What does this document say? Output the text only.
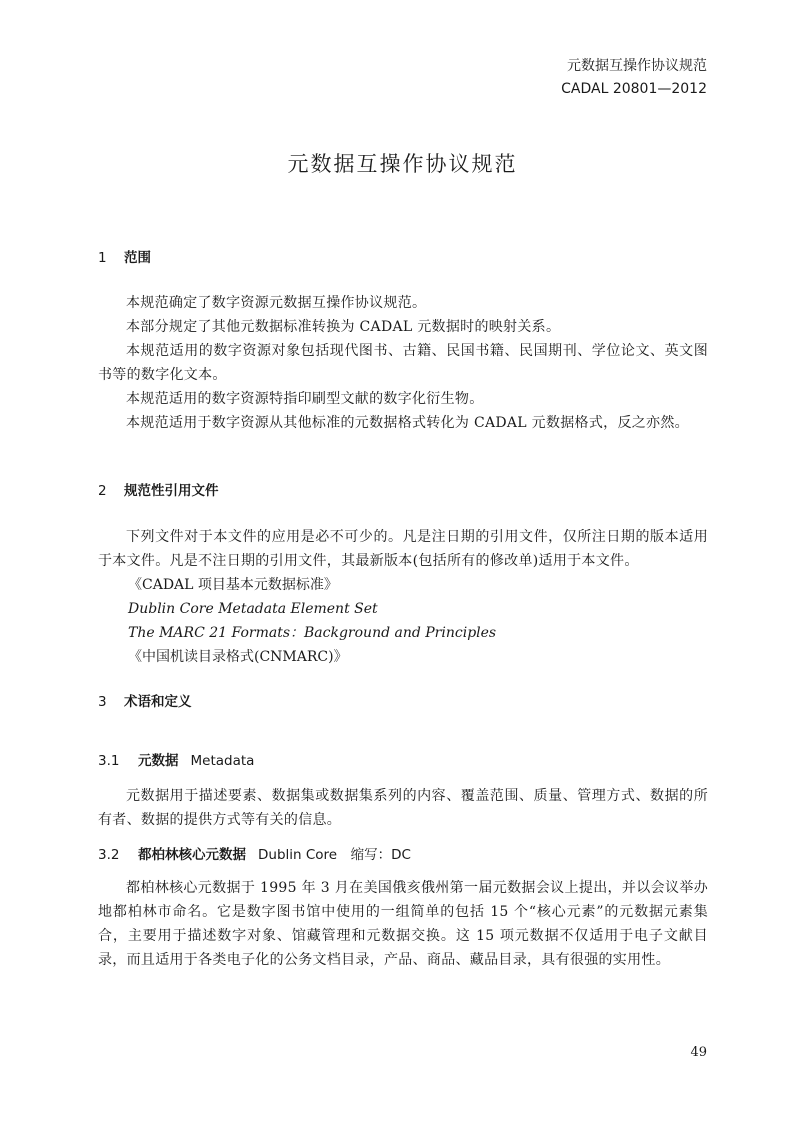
元数据互操作协议规范
CADAL 20801—2012
元数据互操作协议规范
1 范围
本规范确定了数字资源元数据互操作协议规范。
本部分规定了其他元数据标准转换为 CADAL 元数据时的映射关系。
本规范适用的数字资源对象包括现代图书、古籍、民国书籍、民国期刊、学位论文、英文图书等的数字化文本。
本规范适用的数字资源特指印刷型文献的数字化衍生物。
本规范适用于数字资源从其他标准的元数据格式转化为 CADAL 元数据格式，反之亦然。
2 规范性引用文件
下列文件对于本文件的应用是必不可少的。凡是注日期的引用文件，仅所注日期的版本适用于本文件。凡是不注日期的引用文件，其最新版本(包括所有的修改单)适用于本文件。
《CADAL 项目基本元数据标准》
Dublin Core Metadata Element Set
The MARC 21 Formats：Background and Principles
《中国机读目录格式(CNMARC)》
3 术语和定义
3.1 元数据 Metadata
元数据用于描述要素、数据集或数据集系列的内容、覆盖范围、质量、管理方式、数据的所有者、数据的提供方式等有关的信息。
3.2 都柏林核心元数据 Dublin Core　缩写：DC
都柏林核心元数据于 1995 年 3 月在美国俄亥俄州第一届元数据会议上提出，并以会议举办地都柏林市命名。它是数字图书馆中使用的一组简单的包括 15 个“核心元素”的元数据元素集合，主要用于描述数字对象、馆藏管理和元数据交换。这 15 项元数据不仅适用于电子文献目录，而且适用于各类电子化的公务文档目录，产品、商品、藏品目录，具有很强的实用性。
49
